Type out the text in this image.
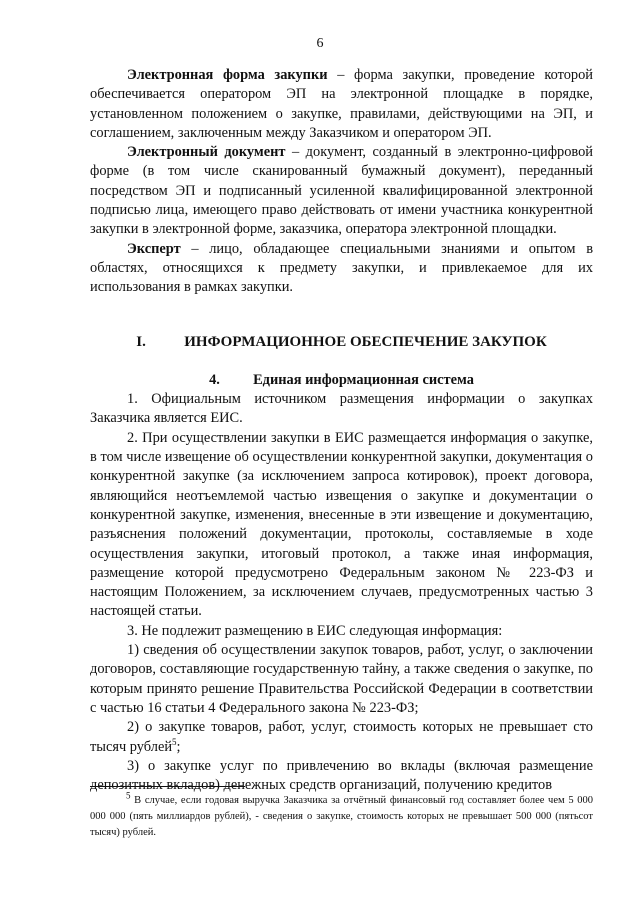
6

Электронная форма закупки – форма закупки, проведение которой обеспечивается оператором ЭП на электронной площадке в порядке, установленном положением о закупке, правилами, действующими на ЭП, и соглашением, заключенным между Заказчиком и оператором ЭП.

Электронный документ – документ, созданный в электронно-цифровой форме (в том числе сканированный бумажный документ), переданный посредством ЭП и подписанный усиленной квалифицированной электронной подписью лица, имеющего право действовать от имени участника конкурентной закупки в электронной форме, заказчика, оператора электронной площадки.

Эксперт – лицо, обладающее специальными знаниями и опытом в областях, относящихся к предмету закупки, и привлекаемое для их использования в рамках закупки.

I.	ИНФОРМАЦИОННОЕ ОБЕСПЕЧЕНИЕ ЗАКУПОК
4. Единая информационная система

1. Официальным источником размещения информации о закупках Заказчика является ЕИС.

2. При осуществлении закупки в ЕИС размещается информация о закупке, в том числе извещение об осуществлении конкурентной закупки, документация о конкурентной закупке (за исключением запроса котировок), проект договора, являющийся неотъемлемой частью извещения о закупке и документации о конкурентной закупке, изменения, внесенные в эти извещение и документацию, разъяснения положений документации, протоколы, составляемые в ходе осуществления закупки, итоговый протокол, а также иная информация, размещение которой предусмотрено Федеральным законом № 223-ФЗ и настоящим Положением, за исключением случаев, предусмотренных частью 3 настоящей статьи.

3. Не подлежит размещению в ЕИС следующая информация:

1) сведения об осуществлении закупок товаров, работ, услуг, о заключении договоров, составляющие государственную тайну, а также сведения о закупке, по которым принято решение Правительства Российской Федерации в соответствии с частью 16 статьи 4 Федерального закона № 223-ФЗ;

2) о закупке товаров, работ, услуг, стоимость которых не превышает сто тысяч рублей$^5$;

3) о закупке услуг по привлечению во вклады (включая размещение депозитных вкладов) денежных средств организаций, получению кредитов

$^5$ В случае, если годовая выручка Заказчика за отчётный финансовый год составляет более чем 5 000 000 000 (пять миллиардов рублей), - сведения о закупке, стоимость которых не превышает 500 000 (пятьсот тысяч) рублей.
